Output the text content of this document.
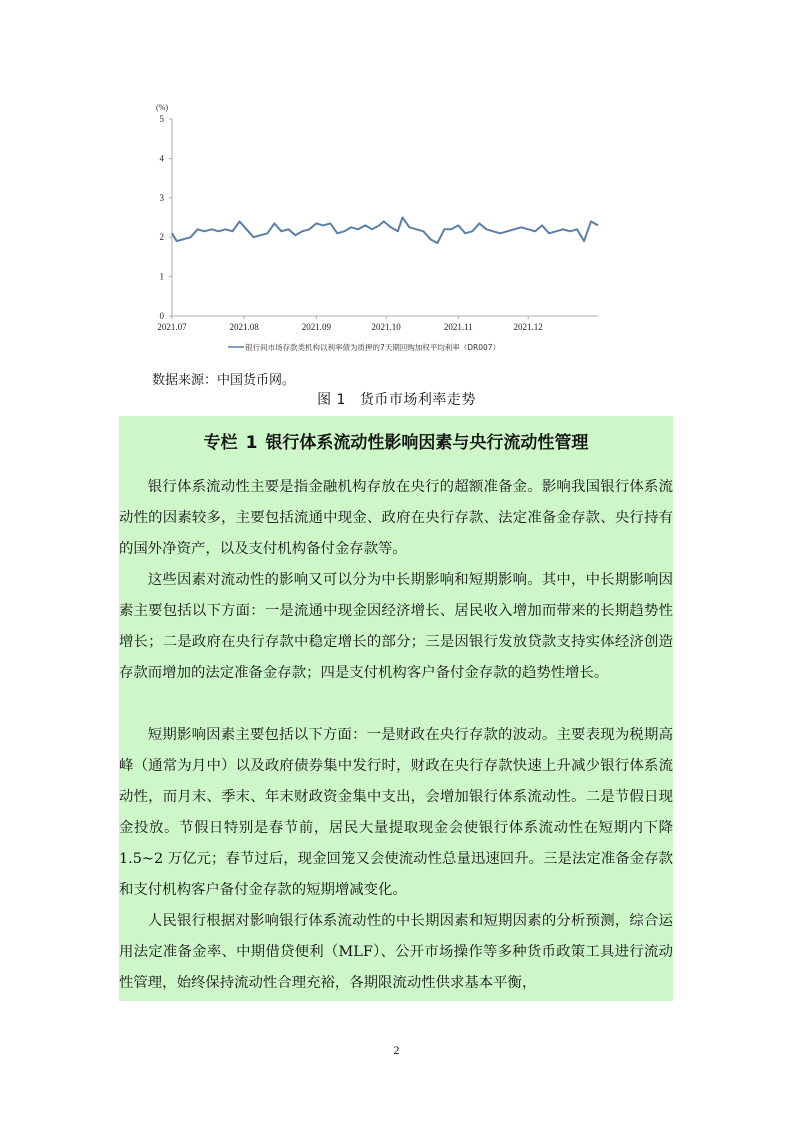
(%)
0
1
2
3
4
5
2021.07	2021.08	2021.09	2021.10	2021.11	2021.12
银行间市场存款类机构以利率债为质押的7天期回购加权平均利率（DR007）
数据来源：中国货币网。
图 1 货币市场利率走势
专栏 1 银行体系流动性影响因素与央行流动性管理

银行体系流动性主要是指金融机构存放在央行的超额准备金。影响我国银行体系流动性的因素较多，主要包括流通中现金、政府在央行存款、法定准备金存款、央行持有的国外净资产，以及支付机构备付金存款等。

这些因素对流动性的影响又可以分为中长期影响和短期影响。其中，中长期影响因素主要包括以下方面：一是流通中现金因经济增长、居民收入增加而带来的长期趋势性增长；二是政府在央行存款中稳定增长的部分；三是因银行发放贷款支持实体经济创造存款而增加的法定准备金存款；四是支付机构客户备付金存款的趋势性增长。

短期影响因素主要包括以下方面：一是财政在央行存款的波动。主要表现为税期高峰（通常为月中）以及政府债券集中发行时，财政在央行存款快速上升减少银行体系流动性，而月末、季末、年末财政资金集中支出，会增加银行体系流动性。二是节假日现金投放。节假日特别是春节前，居民大量提取现金会使银行体系流动性在短期内下降 1.5~2 万亿元；春节过后，现金回笼又会使流动性总量迅速回升。三是法定准备金存款和支付机构客户备付金存款的短期增减变化。

人民银行根据对影响银行体系流动性的中长期因素和短期因素的分析预测，综合运用法定准备金率、中期借贷便利（MLF）、公开市场操作等多种货币政策工具进行流动性管理，始终保持流动性合理充裕，各期限流动性供求基本平衡，

2
